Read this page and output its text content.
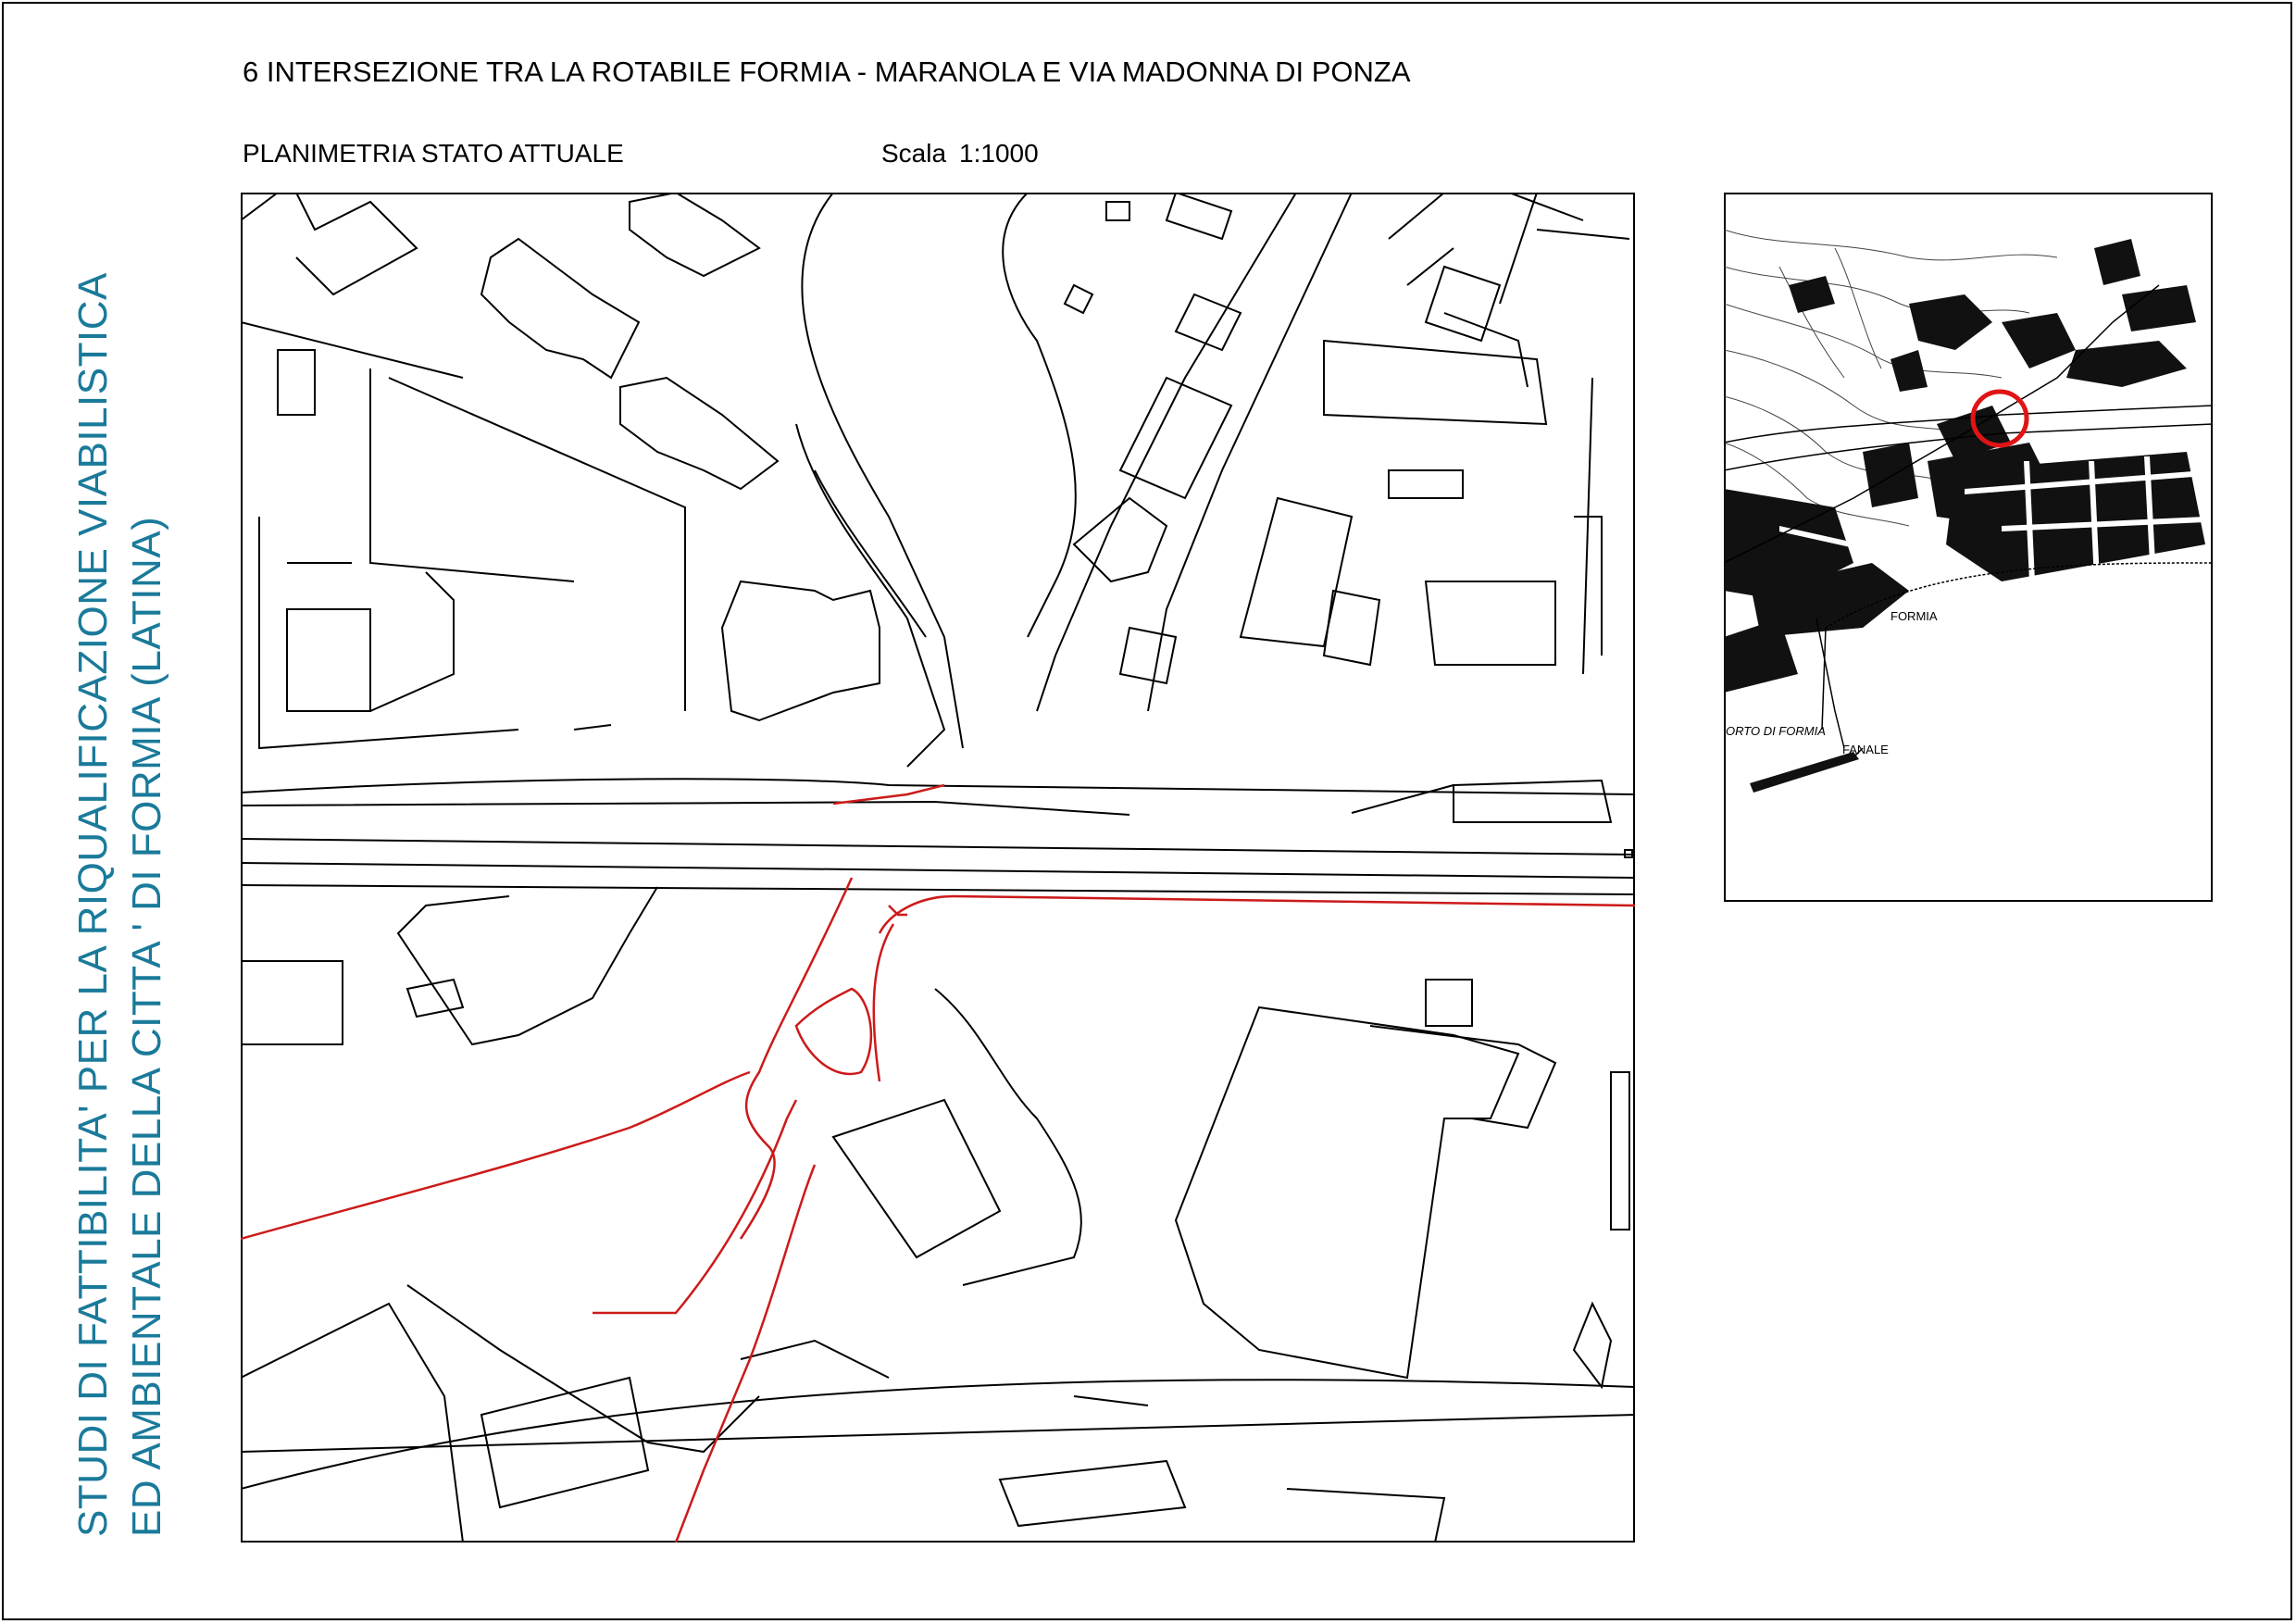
STUDI DI FATTIBILITA' PER LA RIQUALIFICAZIONE VIABILISTICA ED AMBIENTALE DELLA CITTA ' DI FORMIA (LATINA)
6 INTERSEZIONE TRA LA ROTABILE FORMIA - MARANOLA E VIA MADONNA DI PONZA
PLANIMETRIA STATO ATTUALE	Scala 1:1000
FORMIA
ORTO DI FORMIA
FANALE
